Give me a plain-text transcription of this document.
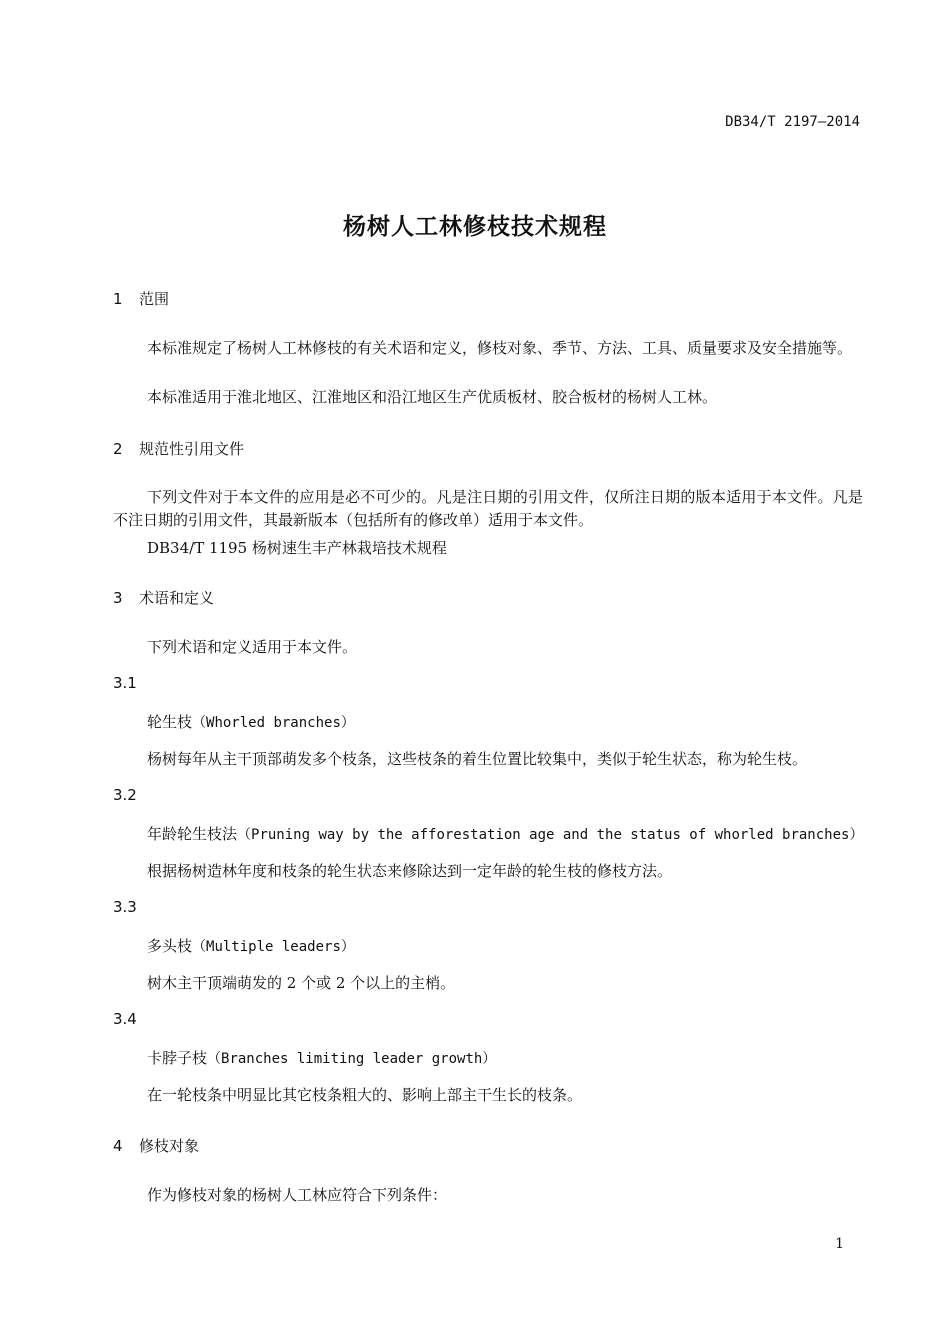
DB34/T 2197—2014
杨树人工林修枝技术规程
1 范围
本标准规定了杨树人工林修枝的有关术语和定义，修枝对象、季节、方法、工具、质量要求及安全措施等。
本标准适用于淮北地区、江淮地区和沿江地区生产优质板材、胶合板材的杨树人工林。
2 规范性引用文件
下列文件对于本文件的应用是必不可少的。凡是注日期的引用文件，仅所注日期的版本适用于本文件。凡是不注日期的引用文件，其最新版本（包括所有的修改单）适用于本文件。
DB34/T 1195 杨树速生丰产林栽培技术规程
3 术语和定义
下列术语和定义适用于本文件。
3.1
轮生枝（Whorled branches）
杨树每年从主干顶部萌发多个枝条，这些枝条的着生位置比较集中，类似于轮生状态，称为轮生枝。
3.2
年龄轮生枝法（Pruning way by the afforestation age and the status of whorled branches）
根据杨树造林年度和枝条的轮生状态来修除达到一定年龄的轮生枝的修枝方法。
3.3
多头枝（Multiple leaders）
树木主干顶端萌发的 2 个或 2 个以上的主梢。
3.4
卡脖子枝（Branches limiting leader growth）
在一轮枝条中明显比其它枝条粗大的、影响上部主干生长的枝条。
4 修枝对象
作为修枝对象的杨树人工林应符合下列条件：
1
